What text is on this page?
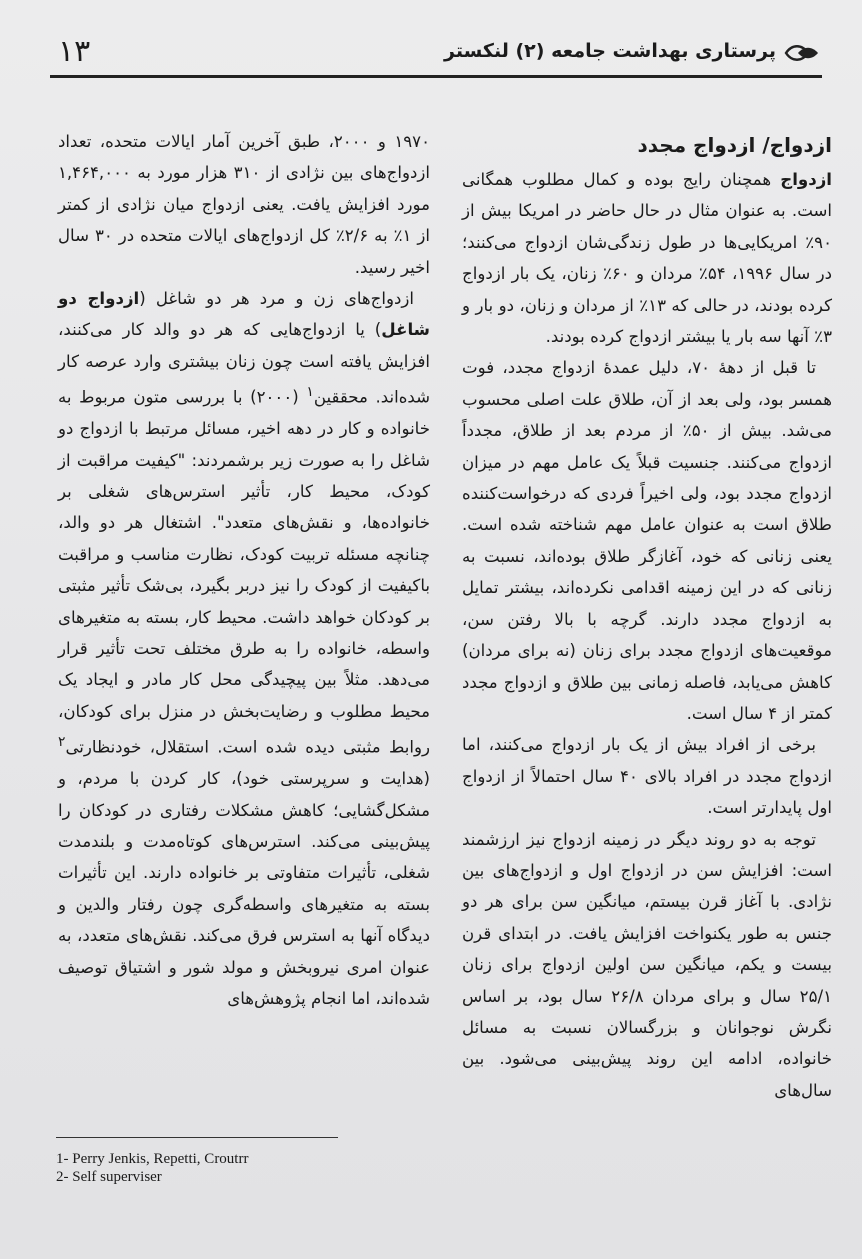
پرستاری بهداشت جامعه (۲) لنکستر
۱۳
ازدواج/ ازدواج مجدد

ازدواج همچنان رایج بوده و کمال مطلوب همگانی است. به عنوان مثال در حال حاضر در امریکا بیش از ۹۰٪ امریکایی‌ها در طول زندگی‌شان ازدواج می‌کنند؛ در سال ۱۹۹۶، ۵۴٪ مردان و ۶۰٪ زنان، یک بار ازدواج کرده بودند، در حالی که ۱۳٪ از مردان و زنان، دو بار و ۳٪ آنها سه بار یا بیشتر ازدواج کرده بودند.

تا قبل از دهۀ ۷۰، دلیل عمدۀ ازدواج مجدد، فوت همسر بود، ولی بعد از آن، طلاق علت اصلی محسوب می‌شد. بیش از ۵۰٪ از مردم بعد از طلاق، مجدداً ازدواج می‌کنند. جنسیت قبلاً یک عامل مهم در میزان ازدواج مجدد بود، ولی اخیراً فردی که درخواست‌کننده طلاق است به عنوان عامل مهم شناخته شده است. یعنی زنانی که خود، آغازگر طلاق بوده‌اند، نسبت به زنانی که در این زمینه اقدامی نکرده‌اند، بیشتر تمایل به ازدواج مجدد دارند. گرچه با بالا رفتن سن، موقعیت‌های ازدواج مجدد برای زنان (نه برای مردان) کاهش می‌یابد، فاصله زمانی بین طلاق و ازدواج مجدد کمتر از ۴ سال است.

برخی از افراد بیش از یک بار ازدواج می‌کنند، اما ازدواج مجدد در افراد بالای ۴۰ سال احتمالاً از ازدواج اول پایدارتر است.

توجه به دو روند دیگر در زمینه ازدواج نیز ارزشمند است: افزایش سن در ازدواج اول و ازدواج‌های بین نژادی. با آغاز قرن بیستم، میانگین سن برای هر دو جنس به طور یکنواخت افزایش یافت. در ابتدای قرن بیست و یکم، میانگین سن اولین ازدواج برای زنان ۲۵/۱ سال و برای مردان ۲۶/۸ سال بود، بر اساس نگرش نوجوانان و بزرگسالان نسبت به مسائل خانواده، ادامه این روند پیش‌بینی می‌شود. بین سال‌های

۱۹۷۰ و ۲۰۰۰، طبق آخرین آمار ایالات متحده، تعداد ازدواج‌های بین نژادی از ۳۱۰ هزار مورد به ۱,۴۶۴,۰۰۰ مورد افزایش یافت. یعنی ازدواج میان نژادی از کمتر از ۱٪ به ۲/۶٪ کل ازدواج‌های ایالات متحده در ۳۰ سال اخیر رسید.

ازدواج‌های زن و مرد هر دو شاغل (ازدواج دو شاغل) یا ازدواج‌هایی که هر دو والد کار می‌کنند، افزایش یافته است چون زنان بیشتری وارد عرصه کار شده‌اند. محققین$^۱$ (۲۰۰۰) با بررسی متون مربوط به خانواده و کار در دهه اخیر، مسائل مرتبط با ازدواج دو شاغل را به صورت زیر برشمردند: "کیفیت مراقبت از کودک، محیط کار، تأثیر استرس‌های شغلی بر خانواده‌ها، و نقش‌های متعدد". اشتغال هر دو والد، چنانچه مسئله تربیت کودک، نظارت مناسب و مراقبت باکیفیت از کودک را نیز دربر بگیرد، بی‌شک تأثیر مثبتی بر کودکان خواهد داشت. محیط کار، بسته به متغیرهای واسطه، خانواده را به طرق مختلف تحت تأثیر قرار می‌دهد. مثلاً بین پیچیدگی محل کار مادر و ایجاد یک محیط مطلوب و رضایت‌بخش در منزل برای کودکان، روابط مثبتی دیده شده است. استقلال، خودنظارتی$^۲$ (هدایت و سرپرستی خود)، کار کردن با مردم، و مشکل‌گشایی؛ کاهش مشکلات رفتاری در کودکان را پیش‌بینی می‌کند. استرس‌های کوتاه‌مدت و بلندمدت شغلی، تأثیرات متفاوتی بر خانواده دارند. این تأثیرات بسته به متغیرهای واسطه‌گری چون رفتار والدین و دیدگاه آنها به استرس فرق می‌کند. نقش‌های متعدد، به عنوان امری نیروبخش و مولد شور و اشتیاق توصیف شده‌اند، اما انجام پژوهش‌های

1- Perry Jenkis, Repetti, Croutrr
2- Self superviser
